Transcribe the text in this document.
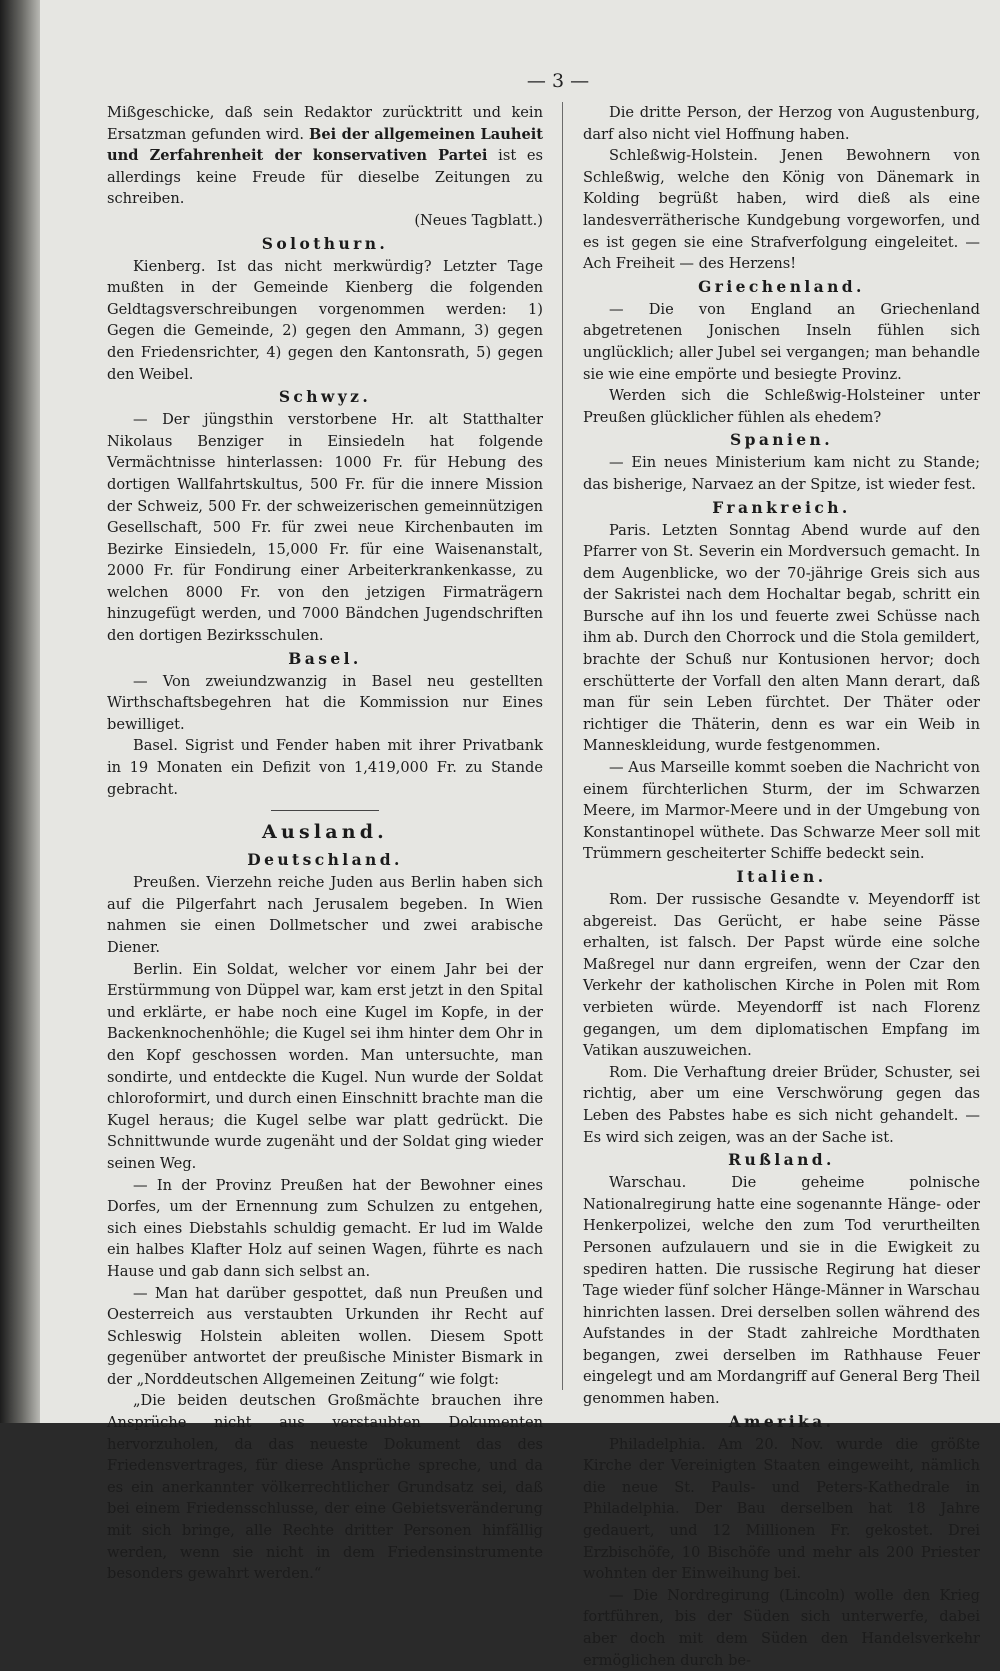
— 3 —

Mißgeschicke, daß sein Redaktor zurücktritt und kein Ersatzman gefunden wird. Bei der allgemeinen Lauheit und Zerfahrenheit der konservativen Partei ist es allerdings keine Freude für dieselbe Zeitungen zu schreiben.

(Neues Tagblatt.)

Solothurn.

Kienberg. Ist das nicht merkwürdig? Letzter Tage mußten in der Gemeinde Kienberg die folgenden Geldtagsverschreibungen vorgenommen werden: 1) Gegen die Gemeinde, 2) gegen den Ammann, 3) gegen den Friedensrichter, 4) gegen den Kantonsrath, 5) gegen den Weibel.

Schwyz.

— Der jüngsthin verstorbene Hr. alt Statthalter Nikolaus Benziger in Einsiedeln hat folgende Vermächtnisse hinterlassen: 1000 Fr. für Hebung des dortigen Wallfahrtskultus, 500 Fr. für die innere Mission der Schweiz, 500 Fr. der schweizerischen gemeinnützigen Gesellschaft, 500 Fr. für zwei neue Kirchenbauten im Bezirke Einsiedeln, 15,000 Fr. für eine Waisenanstalt, 2000 Fr. für Fondirung einer Arbeiterkrankenkasse, zu welchen 8000 Fr. von den jetzigen Firmaträgern hinzugefügt werden, und 7000 Bändchen Jugendschriften den dortigen Bezirksschulen.

Basel.

— Von zweiundzwanzig in Basel neu gestellten Wirthschaftsbegehren hat die Kommission nur Eines bewilliget.

Basel. Sigrist und Fender haben mit ihrer Privatbank in 19 Monaten ein Defizit von 1,419,000 Fr. zu Stande gebracht.

Ausland.
Deutschland.

Preußen. Vierzehn reiche Juden aus Berlin haben sich auf die Pilgerfahrt nach Jerusalem begeben. In Wien nahmen sie einen Dollmetscher und zwei arabische Diener.

Berlin. Ein Soldat, welcher vor einem Jahr bei der Erstürmmung von Düppel war, kam erst jetzt in den Spital und erklärte, er habe noch eine Kugel im Kopfe, in der Backenknochenhöhle; die Kugel sei ihm hinter dem Ohr in den Kopf geschossen worden. Man untersuchte, man sondirte, und entdeckte die Kugel. Nun wurde der Soldat chloroformirt, und durch einen Einschnitt brachte man die Kugel heraus; die Kugel selbe war platt gedrückt. Die Schnittwunde wurde zugenäht und der Soldat ging wieder seinen Weg.

— In der Provinz Preußen hat der Bewohner eines Dorfes, um der Ernennung zum Schulzen zu entgehen, sich eines Diebstahls schuldig gemacht. Er lud im Walde ein halbes Klafter Holz auf seinen Wagen, führte es nach Hause und gab dann sich selbst an.

— Man hat darüber gespottet, daß nun Preußen und Oesterreich aus verstaubten Urkunden ihr Recht auf Schleswig Holstein ableiten wollen. Diesem Spott gegenüber antwortet der preußische Minister Bismark in der „Norddeutschen Allgemeinen Zeitung“ wie folgt:

„Die beiden deutschen Großmächte brauchen ihre Ansprüche nicht aus verstaubten Dokumenten hervorzuholen, da das neueste Dokument das des Friedensvertrages, für diese Ansprüche spreche, und da es ein anerkannter völkerrechtlicher Grundsatz sei, daß bei einem Friedensschlusse, der eine Gebietsveränderung mit sich bringe, alle Rechte dritter Personen hinfällig werden, wenn sie nicht in dem Friedensinstrumente besonders gewahrt werden.“

Die dritte Person, der Herzog von Augustenburg, darf also nicht viel Hoffnung haben.

Schleßwig-Holstein. Jenen Bewohnern von Schleßwig, welche den König von Dänemark in Kolding begrüßt haben, wird dieß als eine landesverrätherische Kundgebung vorgeworfen, und es ist gegen sie eine Strafverfolgung eingeleitet. — Ach Freiheit — des Herzens!

Griechenland.

— Die von England an Griechenland abgetretenen Jonischen Inseln fühlen sich unglücklich; aller Jubel sei vergangen; man behandle sie wie eine empörte und besiegte Provinz.

Werden sich die Schleßwig-Holsteiner unter Preußen glücklicher fühlen als ehedem?

Spanien.

— Ein neues Ministerium kam nicht zu Stande; das bisherige, Narvaez an der Spitze, ist wieder fest.

Frankreich.

Paris. Letzten Sonntag Abend wurde auf den Pfarrer von St. Severin ein Mordversuch gemacht. In dem Augenblicke, wo der 70-jährige Greis sich aus der Sakristei nach dem Hochaltar begab, schritt ein Bursche auf ihn los und feuerte zwei Schüsse nach ihm ab. Durch den Chorrock und die Stola gemildert, brachte der Schuß nur Kontusionen hervor; doch erschütterte der Vorfall den alten Mann derart, daß man für sein Leben fürchtet. Der Thäter oder richtiger die Thäterin, denn es war ein Weib in Manneskleidung, wurde festgenommen.

— Aus Marseille kommt soeben die Nachricht von einem fürchterlichen Sturm, der im Schwarzen Meere, im Marmor-Meere und in der Umgebung von Konstantinopel wüthete. Das Schwarze Meer soll mit Trümmern gescheiterter Schiffe bedeckt sein.

Italien.

Rom. Der russische Gesandte v. Meyendorff ist abgereist. Das Gerücht, er habe seine Pässe erhalten, ist falsch. Der Papst würde eine solche Maßregel nur dann ergreifen, wenn der Czar den Verkehr der katholischen Kirche in Polen mit Rom verbieten würde. Meyendorff ist nach Florenz gegangen, um dem diplomatischen Empfang im Vatikan auszuweichen.

Rom. Die Verhaftung dreier Brüder, Schuster, sei richtig, aber um eine Verschwörung gegen das Leben des Pabstes habe es sich nicht gehandelt. — Es wird sich zeigen, was an der Sache ist.

Rußland.

Warschau. Die geheime polnische Nationalregirung hatte eine sogenannte Hänge- oder Henkerpolizei, welche den zum Tod verurtheilten Personen aufzulauern und sie in die Ewigkeit zu spediren hatten. Die russische Regirung hat dieser Tage wieder fünf solcher Hänge-Männer in Warschau hinrichten lassen. Drei derselben sollen während des Aufstandes in der Stadt zahlreiche Mordthaten begangen, zwei derselben im Rathhause Feuer eingelegt und am Mordangriff auf General Berg Theil genommen haben.

Amerika.

Philadelphia. Am 20. Nov. wurde die größte Kirche der Vereinigten Staaten eingeweiht, nämlich die neue St. Pauls- und Peters-Kathedrale in Philadelphia. Der Bau derselben hat 18 Jahre gedauert, und 12 Millionen Fr. gekostet. Drei Erzbischöfe, 10 Bischöfe und mehr als 200 Priester wohnten der Einweihung bei.

— Die Nordregirung (Lincoln) wolle den Krieg fortführen, bis der Süden sich unterwerfe, dabei aber doch mit dem Süden den Handelsverkehr ermöglichen durch be-
